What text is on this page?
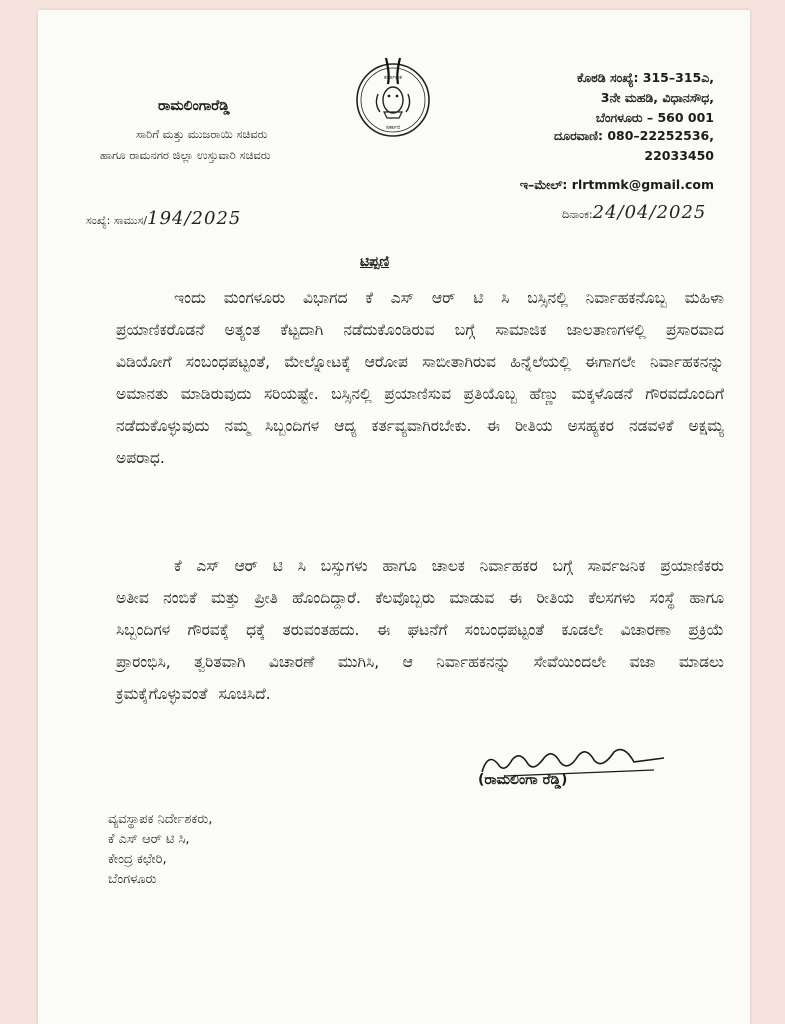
ರಾಮಲಿಂಗಾರೆಡ್ಡಿ
ಸಾರಿಗೆ ಮತ್ತು ಮುಜರಾಯಿ ಸಚಿವರು
ಹಾಗೂ ರಾಮನಗರ ಜಿಲ್ಲಾ ಉಸ್ತುವಾರಿ ಸಚಿವರು
ಕರ್ನಾಟಕ
ಸರ್ಕಾರ
ಕೊಠಡಿ ಸಂಖ್ಯೆ: 315–315ಎ,
3ನೇ ಮಹಡಿ, ವಿಧಾನಸೌಧ,
ಬೆಂಗಳೂರು – 560 001
ದೂರವಾಣಿ: 080–22252536,
22033450
ಇ–ಮೇಲ್: rlrtmmk@gmail.com
ಸಂಖ್ಯೆ: ಸಾಮುಸ/194/2025	ದಿನಾಂಕ:24/04/2025
ಟಿಪ್ಪಣಿ
ಇಂದು ಮಂಗಳೂರು ವಿಭಾಗದ ಕೆ ಎಸ್ ಆರ್ ಟಿ ಸಿ ಬಸ್ಸಿನಲ್ಲಿ ನಿರ್ವಾಹಕನೊಬ್ಬ ಮಹಿಳಾ ಪ್ರಯಾಣಿಕರೊಡನೆ ಅತ್ಯಂತ ಕೆಟ್ಟದಾಗಿ ನಡೆದುಕೊಂಡಿರುವ ಬಗ್ಗೆ ಸಾಮಾಜಿಕ ಜಾಲತಾಣಗಳಲ್ಲಿ ಪ್ರಸಾರವಾದ ವಿಡಿಯೋಗೆ ಸಂಬಂಧಪಟ್ಟಂತೆ, ಮೇಲ್ನೋಟಕ್ಕೆ ಆರೋಪ ಸಾಬೀತಾಗಿರುವ ಹಿನ್ನೆಲೆಯಲ್ಲಿ ಈಗಾಗಲೇ ನಿರ್ವಾಹಕನನ್ನು ಅಮಾನತು ಮಾಡಿರುವುದು ಸರಿಯಷ್ಟೇ. ಬಸ್ಸಿನಲ್ಲಿ ಪ್ರಯಾಣಿಸುವ ಪ್ರತಿಯೊಬ್ಬ ಹೆಣ್ಣು ಮಕ್ಕಳೊಡನೆ ಗೌರವದೊಂದಿಗೆ ನಡೆದುಕೊಳ್ಳುವುದು ನಮ್ಮ ಸಿಬ್ಬಂದಿಗಳ ಆದ್ಯ ಕರ್ತವ್ಯವಾಗಿರಬೇಕು. ಈ ರೀತಿಯ ಅಸಹ್ಯಕರ ನಡವಳಿಕೆ ಅಕ್ಷಮ್ಯ ಅಪರಾಧ.
ಕೆ ಎಸ್ ಆರ್ ಟಿ ಸಿ ಬಸ್ಸುಗಳು ಹಾಗೂ ಚಾಲಕ ನಿರ್ವಾಹಕರ ಬಗ್ಗೆ ಸಾರ್ವಜನಿಕ ಪ್ರಯಾಣಿಕರು ಅತೀವ ನಂಬಿಕೆ ಮತ್ತು ಪ್ರೀತಿ ಹೊಂದಿದ್ದಾರೆ. ಕೆಲವೊಬ್ಬರು ಮಾಡುವ ಈ ರೀತಿಯ ಕೆಲಸಗಳು ಸಂಸ್ಥೆ ಹಾಗೂ ಸಿಬ್ಬಂದಿಗಳ ಗೌರವಕ್ಕೆ ಧಕ್ಕೆ ತರುವಂತಹದು. ಈ ಘಟನೆಗೆ ಸಂಬಂಧಪಟ್ಟಂತೆ ಕೂಡಲೇ ವಿಚಾರಣಾ ಪ್ರಕ್ರಿಯೆ ಪ್ರಾರಂಭಿಸಿ, ತ್ವರಿತವಾಗಿ ವಿಚಾರಣೆ ಮುಗಿಸಿ, ಆ ನಿರ್ವಾಹಕನನ್ನು ಸೇವೆಯಿಂದಲೇ ವಜಾ ಮಾಡಲು ಕ್ರಮಕೈಗೊಳ್ಳುವಂತೆ ಸೂಚಿಸಿದೆ.
(ರಾಮಲಿಂಗಾ ರೆಡ್ಡಿ)
ವ್ಯವಸ್ಥಾಪಕ ನಿರ್ದೇಶಕರು,
ಕೆ ಎಸ್ ಆರ್ ಟಿ ಸಿ,
ಕೇಂದ್ರ ಕಛೇರಿ,
ಬೆಂಗಳೂರು
